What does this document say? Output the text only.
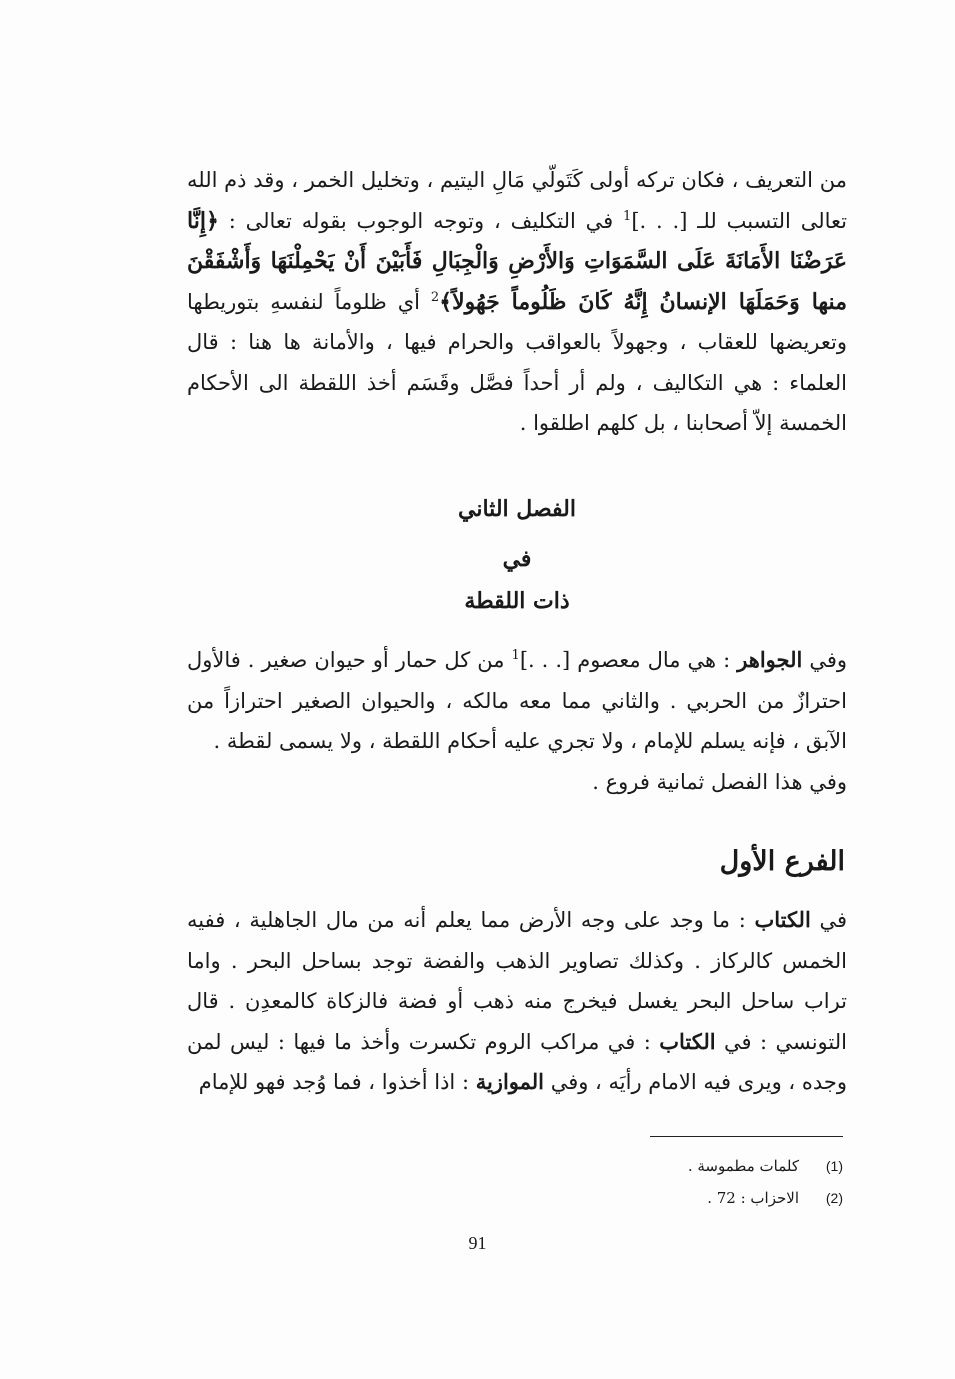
من التعريف ، فكان تركه أولى كَتَولّي مَالِ اليتيم ، وتخليل الخمر ، وقد ذم الله تعالى التسبب للـ [. . .]$^1$ في التكليف ، وتوجه الوجوب بقوله تعالى : ﴿إِنَّا عَرَضْنَا الأَمَانَةَ عَلَى السَّمَوَاتِ وَالأَرْضِ وَالْجِبَالِ فَأَبَيْنَ أَنْ يَحْمِلْنَهَا وَأَشْفَقْنَ منها وَحَمَلَهَا الإنسانُ إِنَّهُ كَانَ ظَلُوماً جَهُولاً﴾$^2$ أي ظلوماً لنفسهِ بتوريطها وتعريضها للعقاب ، وجهولاً بالعواقب والحرام فيها ، والأمانة ها هنا : قال العلماء : هي التكاليف ، ولم أر أحداً فصَّل وقَسَم أخذ اللقطة الى الأحكام الخمسة إلاّ أصحابنا ، بل كلهم اطلقوا .
الفصل الثاني
في
ذات اللقطة
وفي الجواهر : هي مال معصوم [. . .]$^1$ من كل حمار أو حيوان صغير . فالأول احترازٌ من الحربي . والثاني مما معه مالكه ، والحيوان الصغير احترازاً من الآبق ، فإنه يسلم للإمام ، ولا تجري عليه أحكام اللقطة ، ولا يسمى لقطة .
وفي هذا الفصل ثمانية فروع .
الفرع الأول
في الكتاب : ما وجد على وجه الأرض مما يعلم أنه من مال الجاهلية ، ففيه الخمس كالركاز . وكذلك تصاوير الذهب والفضة توجد بساحل البحر . واما تراب ساحل البحر يغسل فيخرج منه ذهب أو فضة فالزكاة كالمعدِن . قال التونسي : في الكتاب : في مراكب الروم تكسرت وأخذ ما فيها : ليس لمن وجده ، ويرى فيه الامام رأيَه ، وفي الموازية : اذا أخذوا ، فما وُجد فهو للإمام
(1)كلمات مطموسة .
(2)الاحزاب : 72 .
91
